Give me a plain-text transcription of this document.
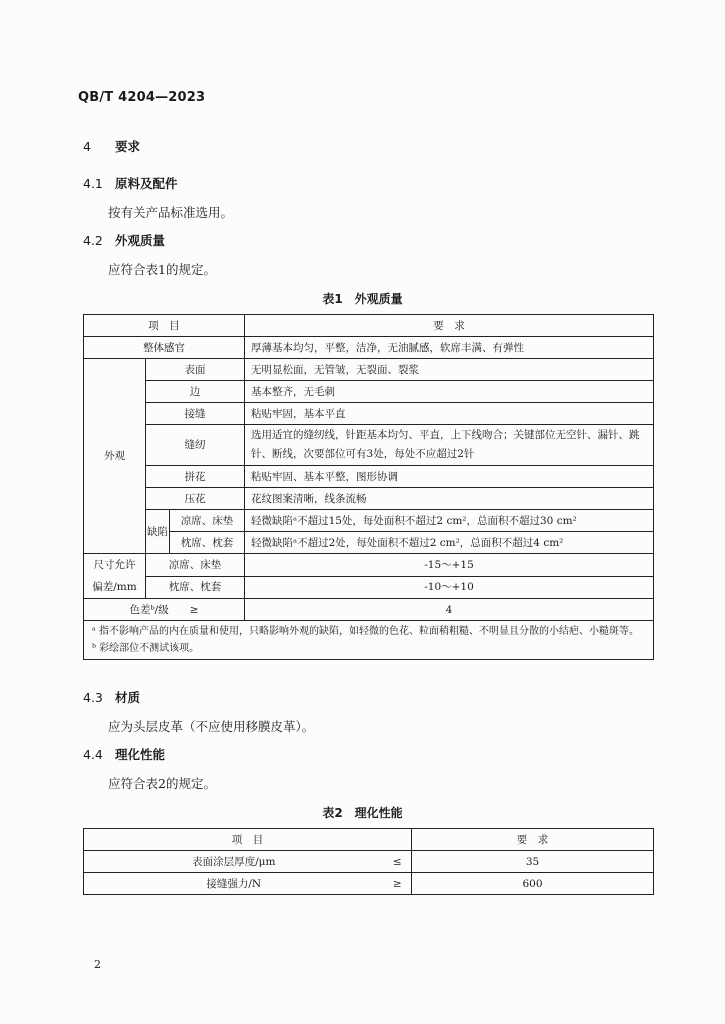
QB/T 4204—2023
4 要求
4.1 原料及配件
按有关产品标准选用。
4.2 外观质量
应符合表1的规定。
表1　外观质量
项　目			要　求
整体感官			厚薄基本均匀，平整，洁净，无油腻感，软席丰满、有弹性
外观	表面		无明显松面，无管皱，无裂面、裂浆
	边		基本整齐，无毛刺
	接缝		粘贴牢固，基本平直
	缝纫		选用适宜的缝纫线，针距基本均匀、平直，上下线吻合；关键部位无空针、漏针、跳针、断线，次要部位可有3处，每处不应超过2针
	拼花		粘贴牢固、基本平整，图形协调
	压花		花纹图案清晰，线条流畅
	缺陷	凉席、床垫	轻微缺陷ᵃ不超过15处，每处面积不超过2 cm²，总面积不超过30 cm²
		枕席、枕套	轻微缺陷ᵃ不超过2处，每处面积不超过2 cm²，总面积不超过4 cm²
尺寸允许
偏差/mm	凉席、床垫		-15～+15
	枕席、枕套		-10～+10
色差ᵇ/级　　≥			4

ᵃ 指不影响产品的内在质量和使用，只略影响外观的缺陷，如轻微的色花、粒面稍粗糙、不明显且分散的小结疤、小糙斑等。
ᵇ 彩绘部位不测试该项。			
4.3 材质
应为头层皮革（不应使用移膜皮革）。
4.4 理化性能
应符合表2的规定。
表2　理化性能
项　目		要　求
表面涂层厚度/μm	≤	35
接缝强力/N	≥	600
2
